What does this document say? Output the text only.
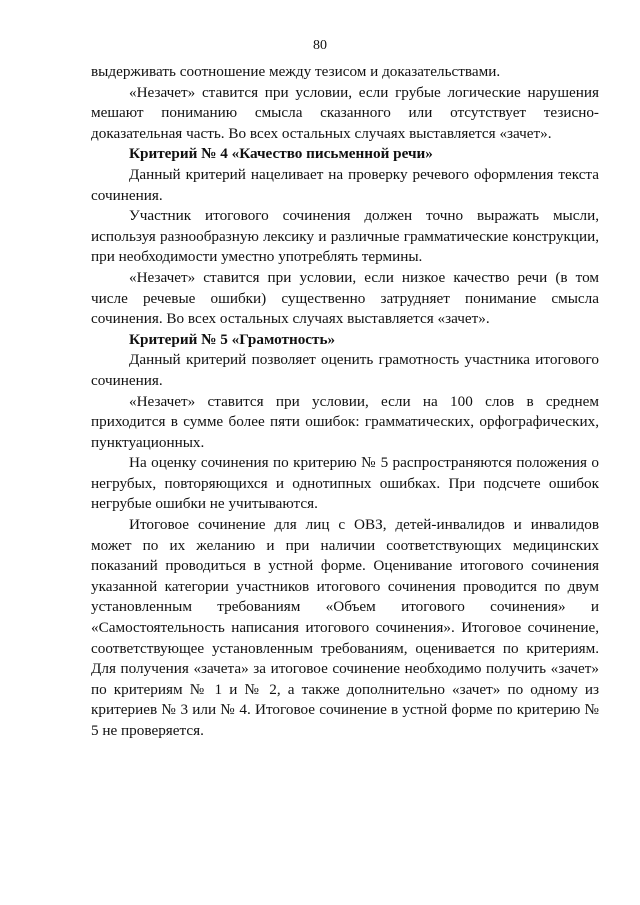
80

выдерживать соотношение между тезисом и доказательствами.

«Незачет» ставится при условии, если грубые логические нарушения мешают пониманию смысла сказанного или отсутствует тезисно-доказательная часть. Во всех остальных случаях выставляется «зачет».

Критерий № 4 «Качество письменной речи»

Данный критерий нацеливает на проверку речевого оформления текста сочинения.

Участник итогового сочинения должен точно выражать мысли, используя разнообразную лексику и различные грамматические конструкции, при необходимости уместно употреблять термины.

«Незачет» ставится при условии, если низкое качество речи (в том числе речевые ошибки) существенно затрудняет понимание смысла сочинения. Во всех остальных случаях выставляется «зачет».

Критерий № 5 «Грамотность»

Данный критерий позволяет оценить грамотность участника итогового сочинения.

«Незачет» ставится при условии, если на 100 слов в среднем приходится в сумме более пяти ошибок: грамматических, орфографических, пунктуационных.

На оценку сочинения по критерию № 5 распространяются положения о негрубых, повторяющихся и однотипных ошибках. При подсчете ошибок негрубые ошибки не учитываются.

Итоговое сочинение для лиц с ОВЗ, детей-инвалидов и инвалидов может по их желанию и при наличии соответствующих медицинских показаний проводиться в устной форме. Оценивание итогового сочинения указанной категории участников итогового сочинения проводится по двум установленным требованиям «Объем итогового сочинения» и «Самостоятельность написания итогового сочинения». Итоговое сочинение, соответствующее установленным требованиям, оценивается по критериям. Для получения «зачета» за итоговое сочинение необходимо получить «зачет» по критериям № 1 и № 2, а также дополнительно «зачет» по одному из критериев № 3 или № 4. Итоговое сочинение в устной форме по критерию № 5 не проверяется.
